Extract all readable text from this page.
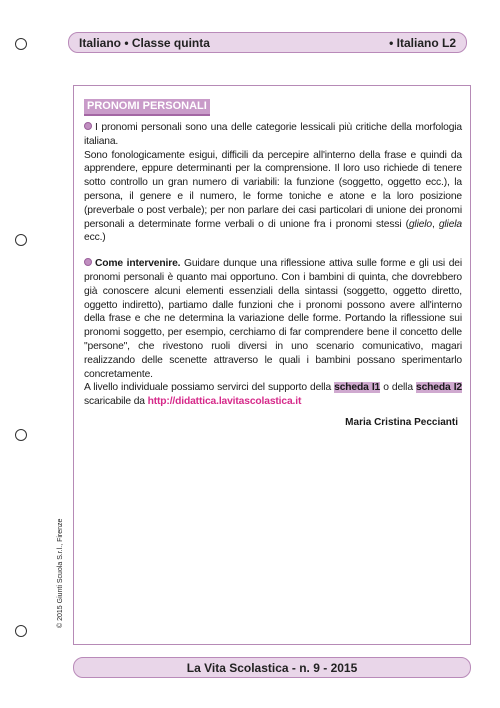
Italiano • Classe quinta	• Italiano L2
PRONOMI PERSONALI

I pronomi personali sono una delle categorie lessicali più critiche della morfologia italiana.
Sono fonologicamente esigui, difficili da percepire all'interno della frase e quindi da apprendere, eppure determinanti per la comprensione. Il loro uso richiede di tenere sotto controllo un gran numero di variabili: la funzione (soggetto, oggetto ecc.), la persona, il genere e il numero, le forme toniche e atone e la loro posizione (preverbale o post verbale); per non parlare dei casi particolari di unione dei pronomi personali a determinate forme verbali o di unione fra i pronomi stessi (glielo, gliela ecc.)

Come intervenire. Guidare dunque una riflessione attiva sulle forme e gli usi dei pronomi personali è quanto mai opportuno. Con i bambini di quinta, che dovrebbero già conoscere alcuni elementi essenziali della sintassi (soggetto, oggetto diretto, oggetto indiretto), partiamo dalle funzioni che i pronomi possono avere all'interno della frase e che ne determina la variazione delle forme. Portando la riflessione sui pronomi soggetto, per esempio, cerchiamo di far comprendere bene il concetto delle "persone", che rivestono ruoli diversi in uno scenario comunicativo, magari realizzando delle scenette attraverso le quali i bambini possano sperimentarlo concretamente.

A livello individuale possiamo servirci del supporto della scheda I1 o della scheda I2 scaricabile da http://didattica.lavitascolastica.it

Maria Cristina Peccianti
© 2015 Giunti Scuola S.r.l., Firenze
La Vita Scolastica - n. 9 - 2015
